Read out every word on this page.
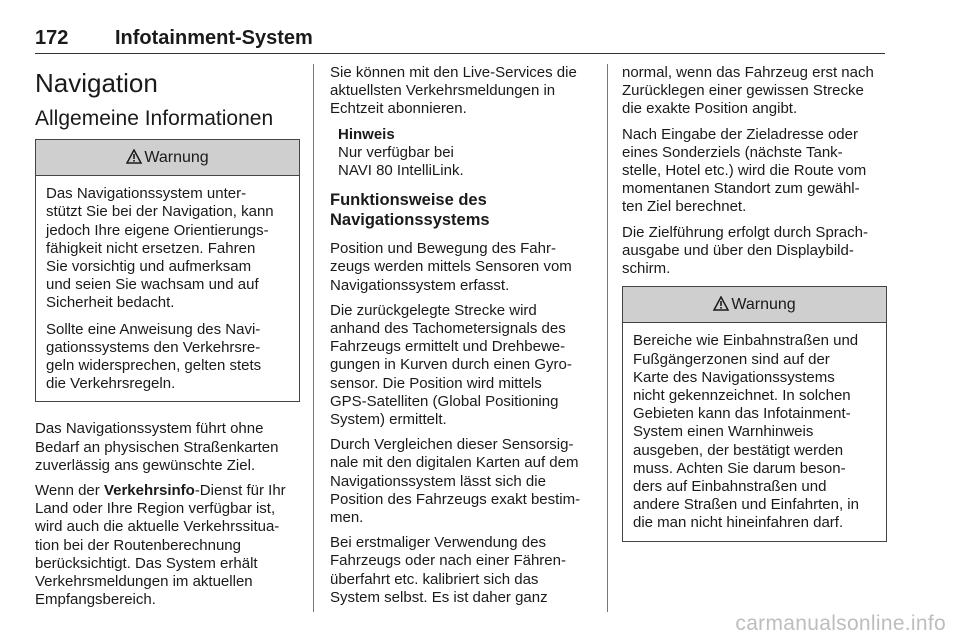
172 Infotainment-System
Navigation
Allgemeine Informationen
Warnung

Das Navigationssystem unter-
stützt Sie bei der Navigation, kann
jedoch Ihre eigene Orientierungs-
fähigkeit nicht ersetzen. Fahren
Sie vorsichtig und aufmerksam
und seien Sie wachsam und auf
Sicherheit bedacht.

Sollte eine Anweisung des Navi-
gationssystems den Verkehrsre-
geln widersprechen, gelten stets
die Verkehrsregeln.

Das Navigationssystem führt ohne
Bedarf an physischen Straßenkarten
zuverlässig ans gewünschte Ziel.

Wenn der Verkehrsinfo-Dienst für Ihr
Land oder Ihre Region verfügbar ist,
wird auch die aktuelle Verkehrssitua-
tion bei der Routenberechnung
berücksichtigt. Das System erhält
Verkehrsmeldungen im aktuellen
Empfangsbereich.

Sie können mit den Live-Services die
aktuellsten Verkehrsmeldungen in
Echtzeit abonnieren.

Hinweis
Nur verfügbar bei
NAVI 80 IntelliLink.
Funktionsweise des
Navigationssystems

Position und Bewegung des Fahr-
zeugs werden mittels Sensoren vom
Navigationssystem erfasst.

Die zurückgelegte Strecke wird
anhand des Tachometersignals des
Fahrzeugs ermittelt und Drehbewe-
gungen in Kurven durch einen Gyro-
sensor. Die Position wird mittels
GPS-Satelliten (Global Positioning
System) ermittelt.

Durch Vergleichen dieser Sensorsig-
nale mit den digitalen Karten auf dem
Navigationssystem lässt sich die
Position des Fahrzeugs exakt bestim-
men.

Bei erstmaliger Verwendung des
Fahrzeugs oder nach einer Fähren-
überfahrt etc. kalibriert sich das
System selbst. Es ist daher ganz

normal, wenn das Fahrzeug erst nach
Zurücklegen einer gewissen Strecke
die exakte Position angibt.

Nach Eingabe der Zieladresse oder
eines Sonderziels (nächste Tank-
stelle, Hotel etc.) wird die Route vom
momentanen Standort zum gewähl-
ten Ziel berechnet.

Die Zielführung erfolgt durch Sprach-
ausgabe und über den Displaybild-
schirm.

Warnung

Bereiche wie Einbahnstraßen und
Fußgängerzonen sind auf der
Karte des Navigationssystems
nicht gekennzeichnet. In solchen
Gebieten kann das Infotainment-
System einen Warnhinweis
ausgeben, der bestätigt werden
muss. Achten Sie darum beson-
ders auf Einbahnstraßen und
andere Straßen und Einfahrten, in
die man nicht hineinfahren darf.

carmanualsonline.info
